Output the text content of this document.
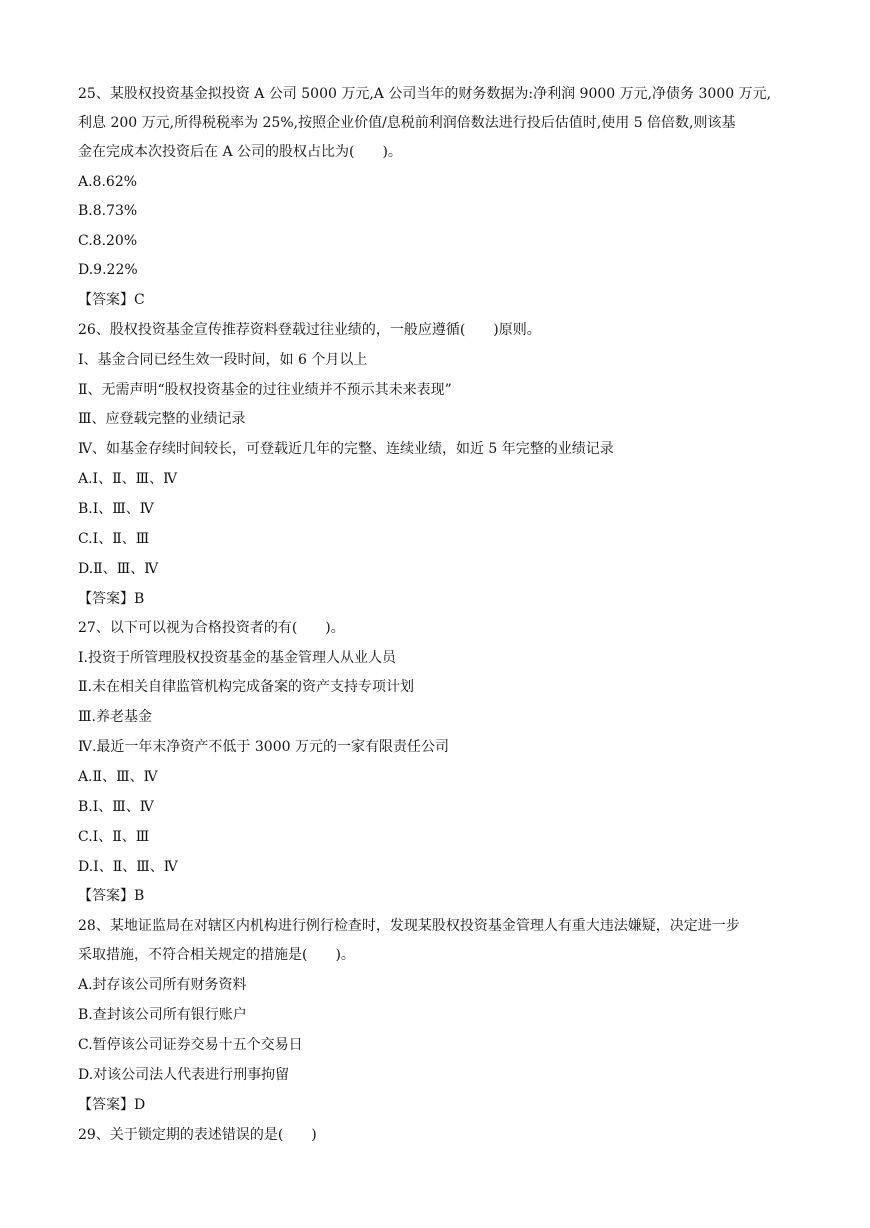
25、某股权投资基金拟投资 A 公司 5000 万元,A 公司当年的财务数据为:净利润 9000 万元,净债务 3000 万元,
利息 200 万元,所得税税率为 25%,按照企业价值/息税前利润倍数法进行投后估值时,使用 5 倍倍数,则该基
金在完成本次投资后在 A 公司的股权占比为(　　)。
A.8.62%
B.8.73%
C.8.20%
D.9.22%
【答案】C
26、股权投资基金宣传推荐资料登载过往业绩的，一般应遵循(　　)原则。
Ⅰ、基金合同已经生效一段时间，如 6 个月以上
Ⅱ、无需声明“股权投资基金的过往业绩并不预示其未来表现”
Ⅲ、应登载完整的业绩记录
Ⅳ、如基金存续时间较长，可登载近几年的完整、连续业绩，如近 5 年完整的业绩记录
A.Ⅰ、Ⅱ、Ⅲ、Ⅳ
B.Ⅰ、Ⅲ、Ⅳ
C.Ⅰ、Ⅱ、Ⅲ
D.Ⅱ、Ⅲ、Ⅳ
【答案】B
27、以下可以视为合格投资者的有(　　)。
Ⅰ.投资于所管理股权投资基金的基金管理人从业人员
Ⅱ.未在相关自律监管机构完成备案的资产支持专项计划
Ⅲ.养老基金
Ⅳ.最近一年末净资产不低于 3000 万元的一家有限责任公司
A.Ⅱ、Ⅲ、Ⅳ
B.Ⅰ、Ⅲ、Ⅳ
C.Ⅰ、Ⅱ、Ⅲ
D.Ⅰ、Ⅱ、Ⅲ、Ⅳ
【答案】B
28、某地证监局在对辖区内机构进行例行检查时，发现某股权投资基金管理人有重大违法嫌疑，决定进一步
采取措施，不符合相关规定的措施是(　　)。
A.封存该公司所有财务资料
B.查封该公司所有银行账户
C.暂停该公司证券交易十五个交易日
D.对该公司法人代表进行刑事拘留
【答案】D
29、关于锁定期的表述错误的是(　　)
